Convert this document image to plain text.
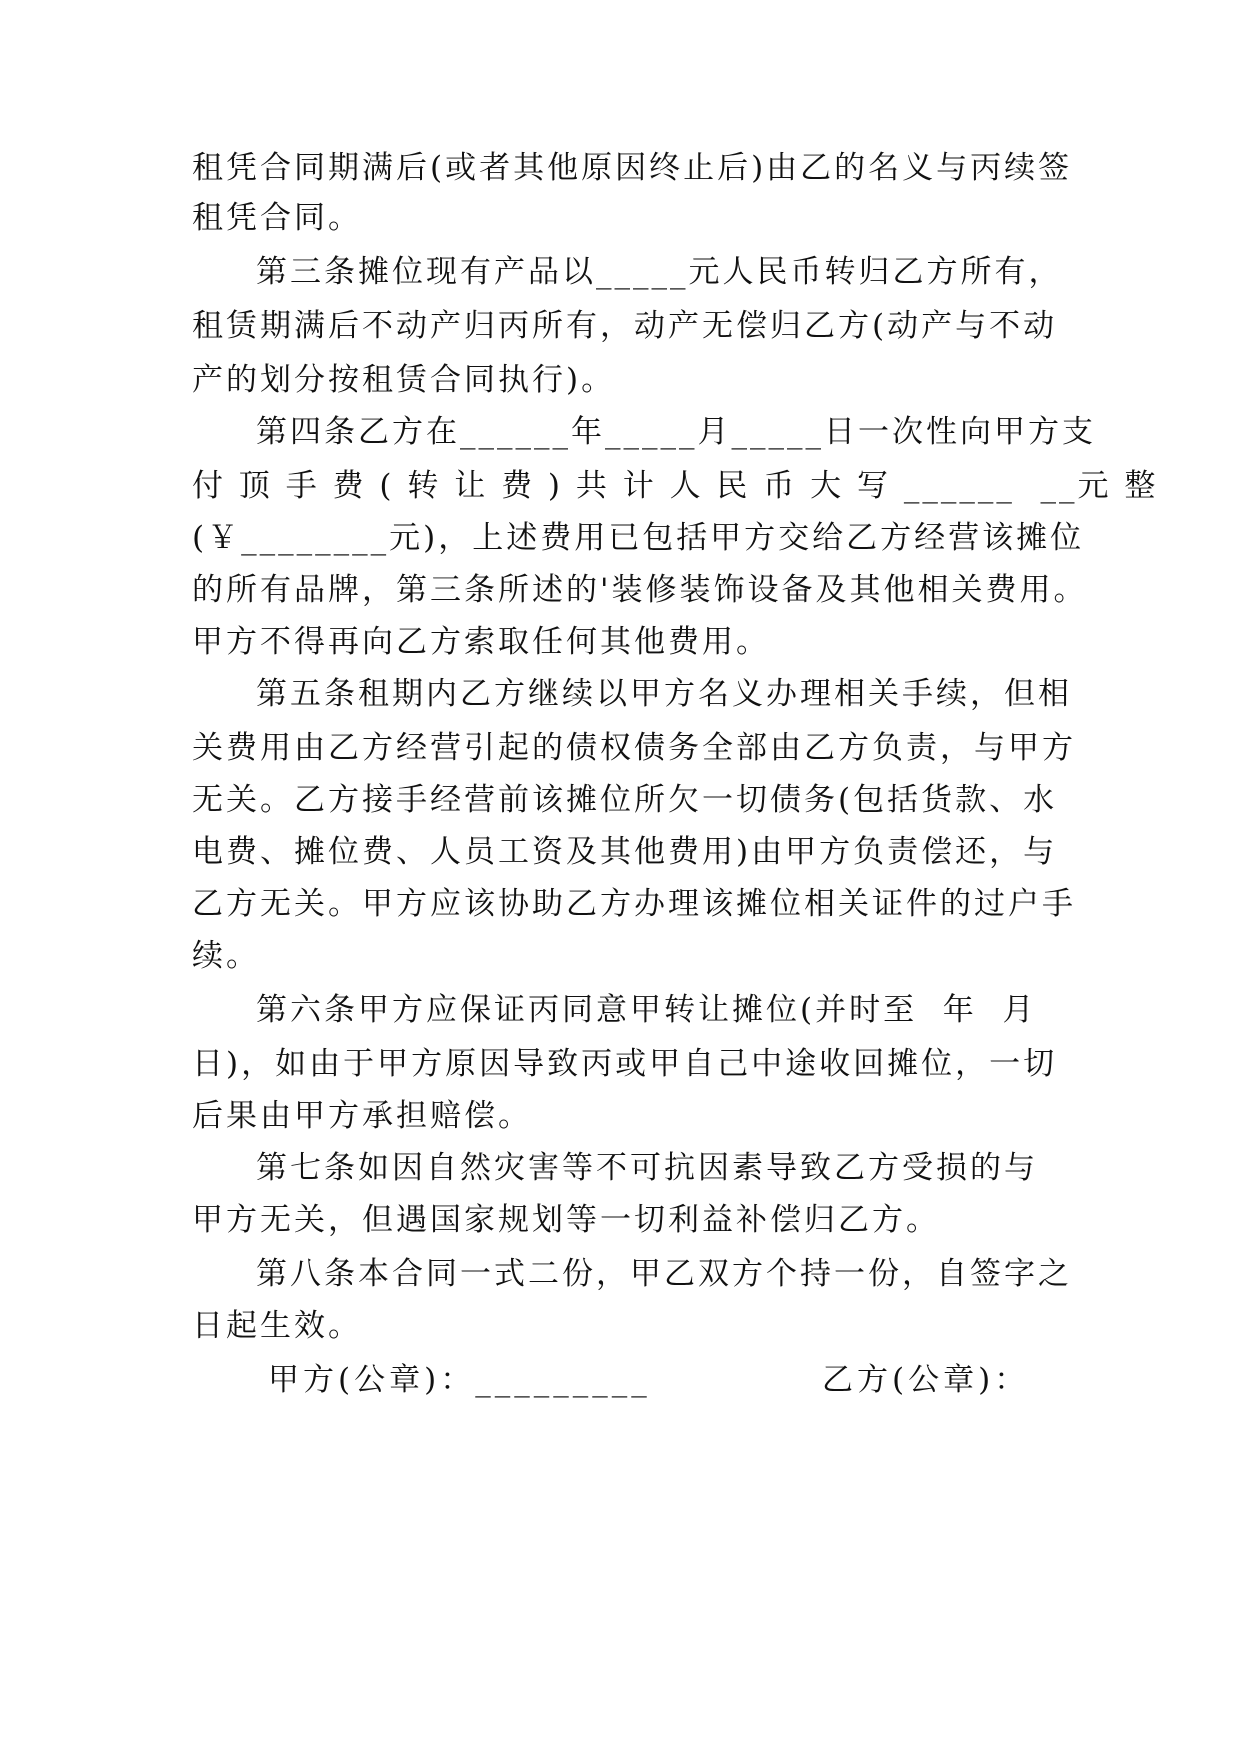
租凭合同期满后(或者其他原因终止后)由乙的名义与丙续签
租凭合同。
第三条摊位现有产品以_____元人民币转归乙方所有，
租赁期满后不动产归丙所有，动产无偿归乙方(动产与不动
产的划分按租赁合同执行)。
第四条乙方在______年_____月_____日一次性向甲方支
付 顶 手 费 ( 转 让 费 ) 共 计 人 民 币 大 写 ______  __元 整
(￥________元)，上述费用已包括甲方交给乙方经营该摊位
的所有品牌，第三条所述的'装修装饰设备及其他相关费用。
甲方不得再向乙方索取任何其他费用。
第五条租期内乙方继续以甲方名义办理相关手续，但相
关费用由乙方经营引起的债权债务全部由乙方负责，与甲方
无关。乙方接手经营前该摊位所欠一切债务(包括货款、水
电费、摊位费、人员工资及其他费用)由甲方负责偿还，与
乙方无关。甲方应该协助乙方办理该摊位相关证件的过户手
续。
第六条甲方应保证丙同意甲转让摊位(并时至  年  月
日)，如由于甲方原因导致丙或甲自己中途收回摊位，一切
后果由甲方承担赔偿。
第七条如因自然灾害等不可抗因素导致乙方受损的与
甲方无关，但遇国家规划等一切利益补偿归乙方。
第八条本合同一式二份，甲乙双方个持一份，自签字之
日起生效。
甲方(公章)：_________	乙方(公章)：
